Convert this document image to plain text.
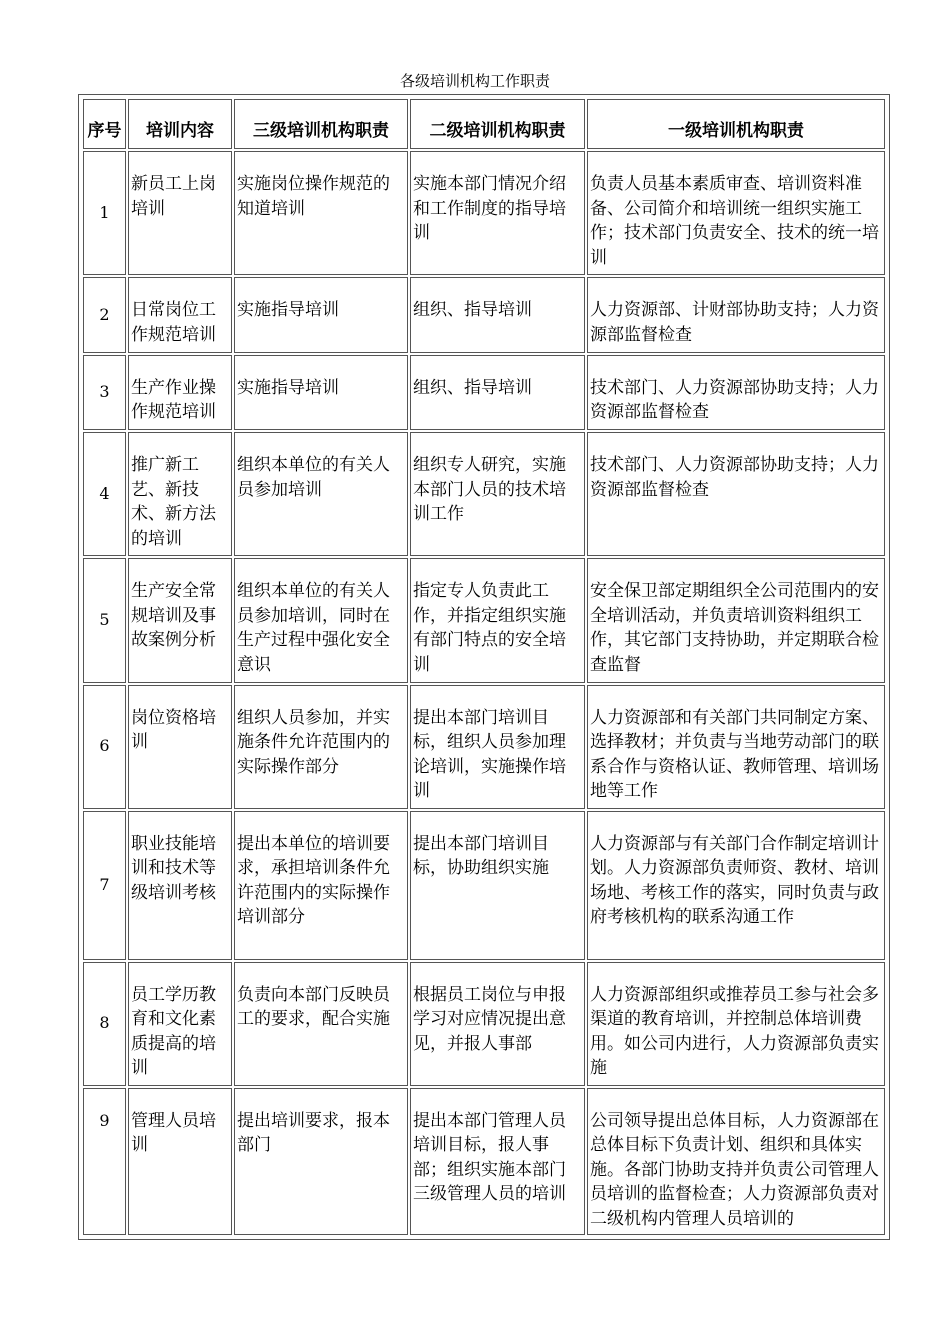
各级培训机构工作职责
序号	培训内容	三级培训机构职责	二级培训机构职责	一级培训机构职责
1	新员工上岗培训	实施岗位操作规范的知道培训	实施本部门情况介绍和工作制度的指导培训	负责人员基本素质审查、培训资料准备、公司简介和培训统一组织实施工作；技术部门负责安全、技术的统一培训
2	日常岗位工作规范培训	实施指导培训	组织、指导培训	人力资源部、计财部协助支持；人力资源部监督检查
3	生产作业操作规范培训	实施指导培训	组织、指导培训	技术部门、人力资源部协助支持；人力资源部监督检查
4	推广新工艺、新技术、新方法的培训	组织本单位的有关人员参加培训	组织专人研究，实施本部门人员的技术培训工作	技术部门、人力资源部协助支持；人力资源部监督检查
5	生产安全常规培训及事故案例分析	组织本单位的有关人员参加培训，同时在生产过程中强化安全意识	指定专人负责此工作，并指定组织实施有部门特点的安全培训	安全保卫部定期组织全公司范围内的安全培训活动，并负责培训资料组织工作，其它部门支持协助，并定期联合检查监督
6	岗位资格培训	组织人员参加，并实施条件允许范围内的实际操作部分	提出本部门培训目标，组织人员参加理论培训，实施操作培训	人力资源部和有关部门共同制定方案、选择教材；并负责与当地劳动部门的联系合作与资格认证、教师管理、培训场地等工作
7	职业技能培训和技术等级培训考核	提出本单位的培训要求，承担培训条件允许范围内的实际操作培训部分	提出本部门培训目标，协助组织实施	人力资源部与有关部门合作制定培训计划。人力资源部负责师资、教材、培训场地、考核工作的落实，同时负责与政府考核机构的联系沟通工作
8	员工学历教育和文化素质提高的培训	负责向本部门反映员工的要求，配合实施	根据员工岗位与申报学习对应情况提出意见，并报人事部	人力资源部组织或推荐员工参与社会多渠道的教育培训，并控制总体培训费用。如公司内进行，人力资源部负责实施
9	管理人员培训	提出培训要求，报本部门	提出本部门管理人员培训目标，报人事部；组织实施本部门三级管理人员的培训	公司领导提出总体目标，人力资源部在总体目标下负责计划、组织和具体实施。各部门协助支持并负责公司管理人员培训的监督检查；人力资源部负责对二级机构内管理人员培训的
